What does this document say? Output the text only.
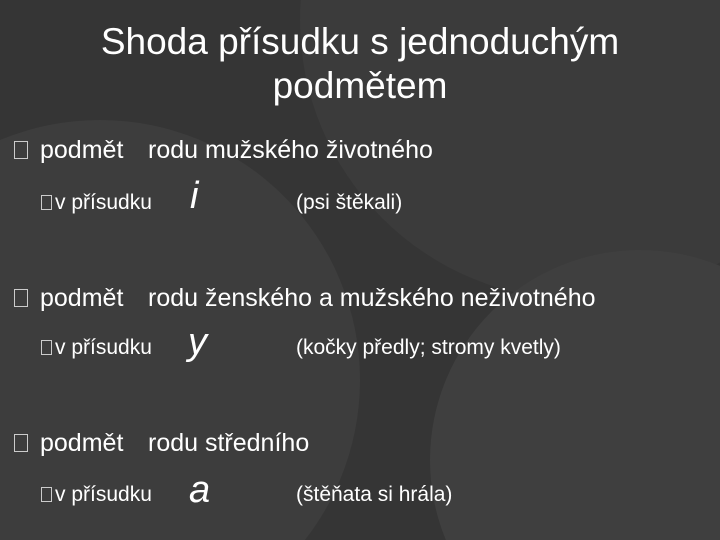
Shoda přísudku s jednoduchým podmětem
podmět rodu mužského životného
v přísudku i	(psi štěkali)
podmět rodu ženského a mužského neživotného
v přísudku y	(kočky předly; stromy kvetly)
podmět rodu středního
v přísudku a	(štěňata si hrála)
